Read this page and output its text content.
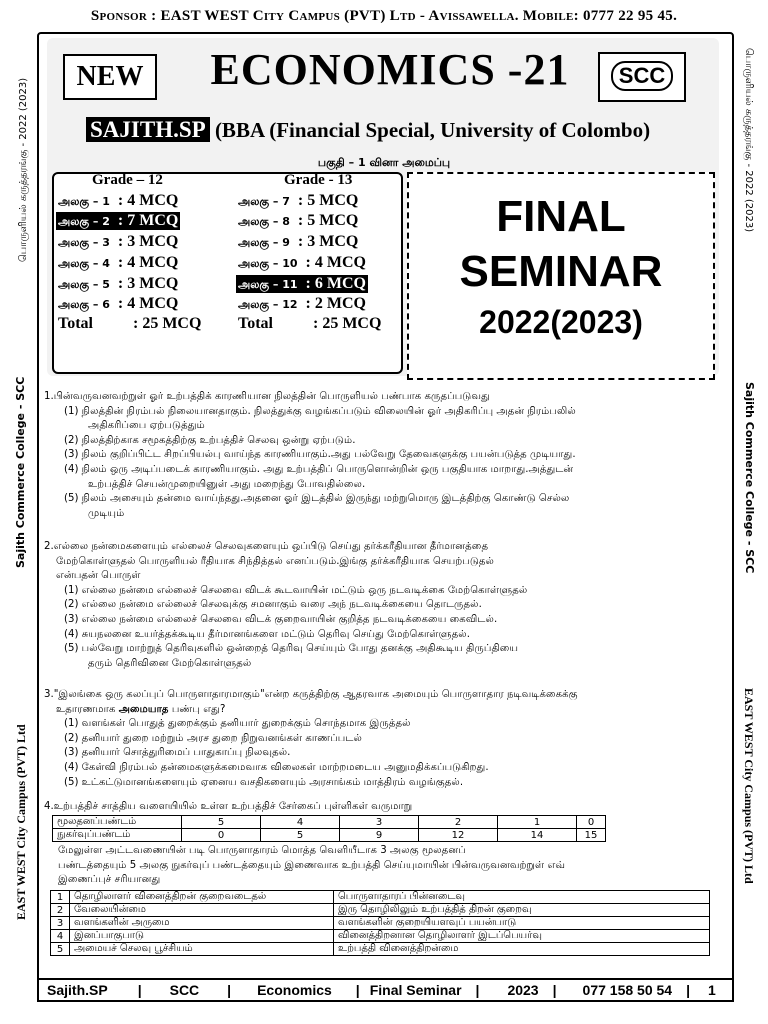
Sponsor : EAST WEST City Campus (PVT) Ltd - Avissawella. Mobile: 0777 22 95 45.
பொருளியல் கருத்தரங்கு - 2022 (2023)	பொருளியல் கருத்தரங்கு - 2022 (2023)
Sajith Commerce College - SCC	Sajith Commerce College - SCC
EAST WEST City Campus (PVT) Ltd	EAST WEST City Campus (PVT) Ltd
NEW	ECONOMICS -21	SCC
SAJITH.SP (BBA (Financial Special, University of Colombo)
பகுதி – 1 வினா அமைப்பு
Grade – 12	Grade - 13
அலகு – 1 : 4 MCQ
அலகு – 2 : 7 MCQ
அலகு – 3 : 3 MCQ
அலகு – 4 : 4 MCQ
அலகு – 5 : 3 MCQ
அலகு – 6 : 4 MCQ
Total	: 25 MCQ
அலகு – 7 : 5 MCQ
அலகு – 8 : 5 MCQ
அலகு – 9 : 3 MCQ
அலகு – 10 : 4 MCQ
அலகு – 11 : 6 MCQ
அலகு – 12 : 2 MCQ
Total	: 25 MCQ
FINAL
SEMINAR
2022(2023)
1.பின்வருவனவற்றுள் ஓர் உற்பத்திக் காரணியான நிலத்தின் பொருளியல் பண்பாக கருதப்படுவது
(1) நிலத்தின் நிரம்பல் நிலையானதாகும். நிலத்துக்கு வழங்கப்படும் விலையின் ஓர் அதிகரிப்பு அதன் நிரம்பலில்
அதிகரிப்பை ஏற்படுத்தும்
(2) நிலத்திற்காக சமூகத்திற்கு உற்பத்திச் செலவு ஒன்று ஏற்படும்.
(3) நிலம் குறிப்பிட்ட சிறப்பியல்பு வாய்ந்த காரணியாகும்.அது பல்வேறு தேவைகளுக்கு பயன்படுத்த முடியாது.
(4) நிலம் ஒரு அடிப்படைக் காரணியாகும். அது உற்பத்திப் பொருளொன்றின் ஒரு பகுதியாக மாறாது.அத்துடன்
உற்பத்திச் செயன்முறையினுள் அது மறைந்து போவதில்லை.
(5) நிலம் அசையும் தன்மை வாய்ந்தது.அதனை ஓர் இடத்தில் இருந்து மற்றுமொரு இடத்திற்கு கொண்டு செல்ல
முடியும்
2.எல்லை நன்மைகளையும் எல்லைச் செலவுகளையும் ஒப்பிடு செய்து தர்க்கரீதியான தீர்மானத்தை
மேற்கொள்ளுதல் பொருளியல் ரீதியாக சிந்தித்தல் எனப்படும்.இங்கு தர்க்கரீதியாக செயற்படுதல்
என்பதன் பொருள்
(1) எல்லை நன்மை எல்லைச் செலவை விடக் கூடவாயின் மட்டும் ஒரு நடவடிக்கை மேற்கொள்ளுதல்
(2) எல்லை நன்மை எல்லைச் செலவுக்கு சமனாகும் வரை அந் நடவடிக்கையை தொடருதல்.
(3) எல்லை நன்மை எல்லைச் செலவை விடக் குறைவாயின் குறித்த நடவடிக்கையை கைவிடல்.
(4) சுயநலனை உயர்த்தக்கூடிய தீர்மானங்களை மட்டும் தெரிவு செய்து மேற்கொள்ளுதல்.
(5) பல்வேறு மாற்றுத் தெரிவுகளில் ஒன்றைத் தெரிவு செய்யும் போது தனக்கு அதிகூடிய திருப்தியை
தரும் தெரிவினை மேற்கொள்ளுதல்
3."இலங்கை ஒரு கலப்புப் பொருளாதாரமாகும்"என்ற கருத்திற்கு ஆதரவாக அமையும் பொருளாதார நடிவடிக்கைக்கு
உதாரணமாக அமையாத பண்பு எது?
(1) வளங்கள் பொதுத் துறைக்கும் தனியார் துறைக்கும் சொந்தமாக இருத்தல்
(2) தனியார் துறை மற்றும் அரச துறை நிறுவனங்கள் காணப்படல்
(3) தனியார் சொத்துரிமைப் பாதுகாப்பு நிலவுதல்.
(4) கேள்வி நிரம்பல் தன்மைகளுக்கமைவாக விலைகள் மாற்றமடைய அனுமதிக்கப்படுகிறது.
(5) உட்கட்டுமானங்களையும் ஏனைய வசதிகளையும் அரசாங்கம் மாத்திரம் வழங்குதல்.
4.உற்பத்திச் சாத்திய வளையியில் உள்ள உற்பத்திச் சேர்கைப் புள்ளிகள் வருமாறு
மூலதனப்பண்டம்	5	4	3	2	1	0
நுகர்வுப்பண்டம்	0	5	9	12	14	15
மேலுள்ள அட்டவணையின் படி பொருளாதாரம் மொத்த வெளியீடாக 3 அலகு மூலதனப்
பண்டத்தையும் 5 அலகு நுகர்வுப் பண்டத்தையும் இணைவாக உற்பத்தி செய்யுமாயின் பின்வருவனவற்றுள் எவ்
இணைப்புச் சரியானது
1	தொழிலாளர் வினைத்திறன் குறைவடைதல்	பொருளாதாரப் பின்னடைவு
2	வேலையின்மை	இரு தொழிலிலும் உற்பத்தித் திறன் குறைவு
3	வளங்களின் அருமை	வளங்களின் குறையியளவுப் பயன்பாடு
4	இனப்பாகுபாடு	வினைத்திறனான தொழிலாளர் இடப்பெயர்வு
5	அமையச் செலவு பூச்சியம்	உற்பத்தி வினைத்திறன்மை
Sajith.SP | SCC | Economics | Final Seminar | 2023 | 077 158 50 54 | 1
